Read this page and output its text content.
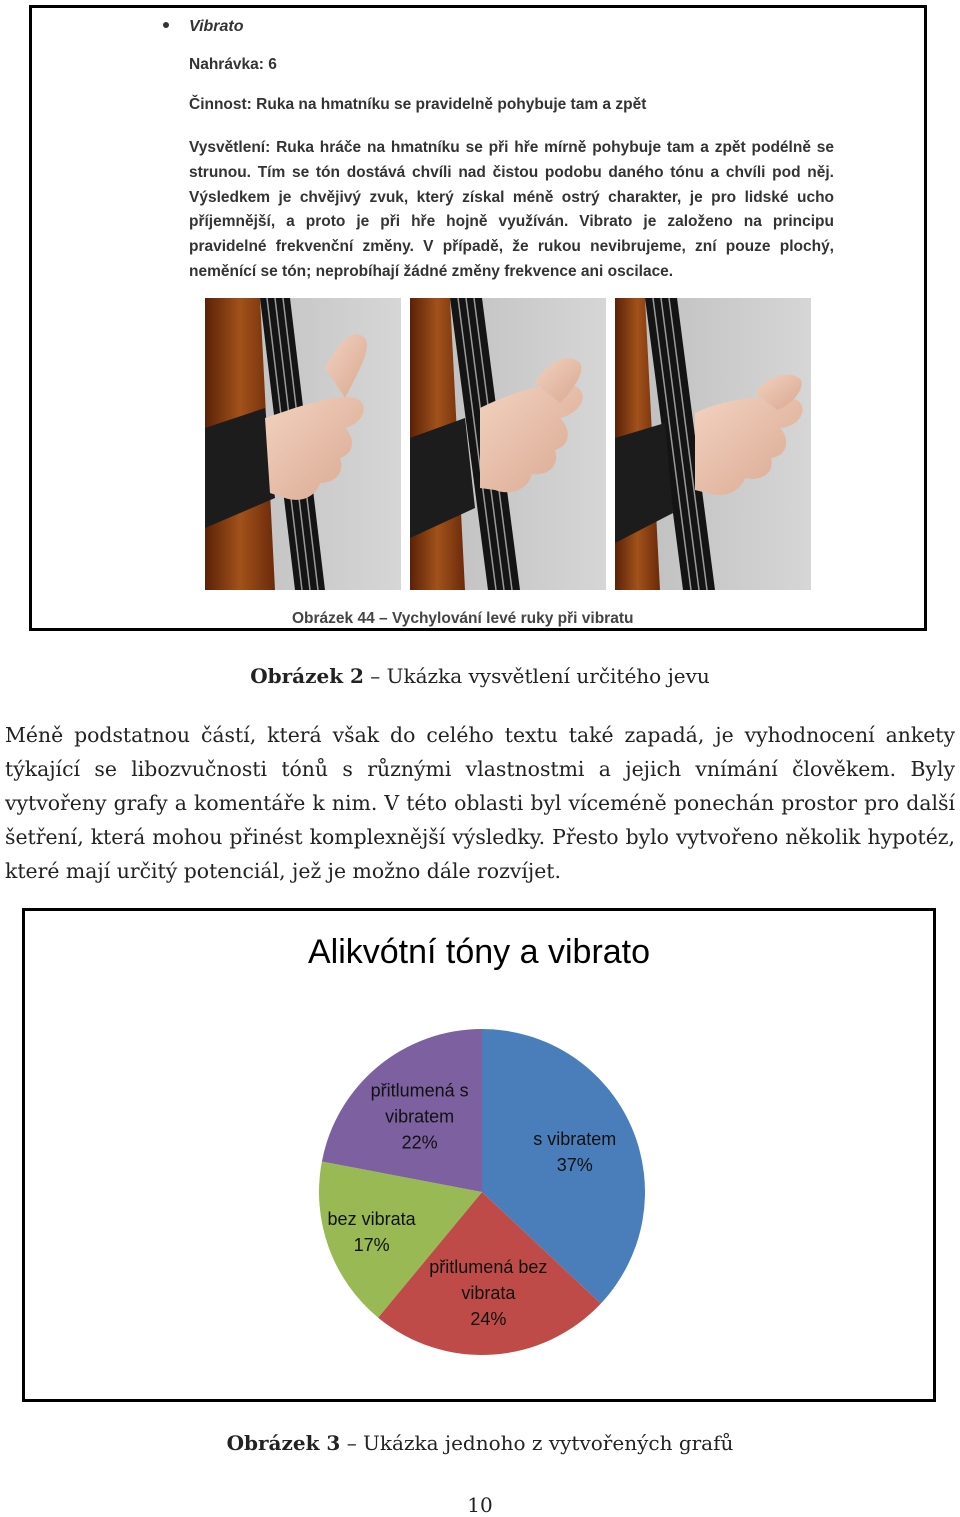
Vibrato
Nahrávka: 6
Činnost: Ruka na hmatníku se pravidelně pohybuje tam a zpět
Vysvětlení: Ruka hráče na hmatníku se při hře mírně pohybuje tam a zpět podélně se strunou. Tím se tón dostává chvíli nad čistou podobu daného tónu a chvíli pod něj. Výsledkem je chvějivý zvuk, který získal méně ostrý charakter, je pro lidské ucho příjemnější, a proto je při hře hojně využíván. Vibrato je založeno na principu pravidelné frekvenční změny. V případě, že rukou nevibrujeme, zní pouze plochý, neměnící se tón; neprobíhají žádné změny frekvence ani oscilace.
Obrázek 44 – Vychylování levé ruky při vibratu
Obrázek 2 – Ukázka vysvětlení určitého jevu
Méně podstatnou částí, která však do celého textu také zapadá, je vyhodnocení ankety týkající se libozvučnosti tónů s různými vlastnostmi a jejich vnímání člověkem. Byly vytvořeny grafy a komentáře k nim. V této oblasti byl víceméně ponechán prostor pro další šetření, která mohou přinést komplexnější výsledky. Přesto bylo vytvořeno několik hypotéz, které mají určitý potenciál, jež je možno dále rozvíjet.
Alikvótní tóny a vibrato
s vibratem 37%
přitlumená bez vibrata 24%
bez vibrata 17%
přitlumená s vibratem 22%
Obrázek 3 – Ukázka jednoho z vytvořených grafů
10
